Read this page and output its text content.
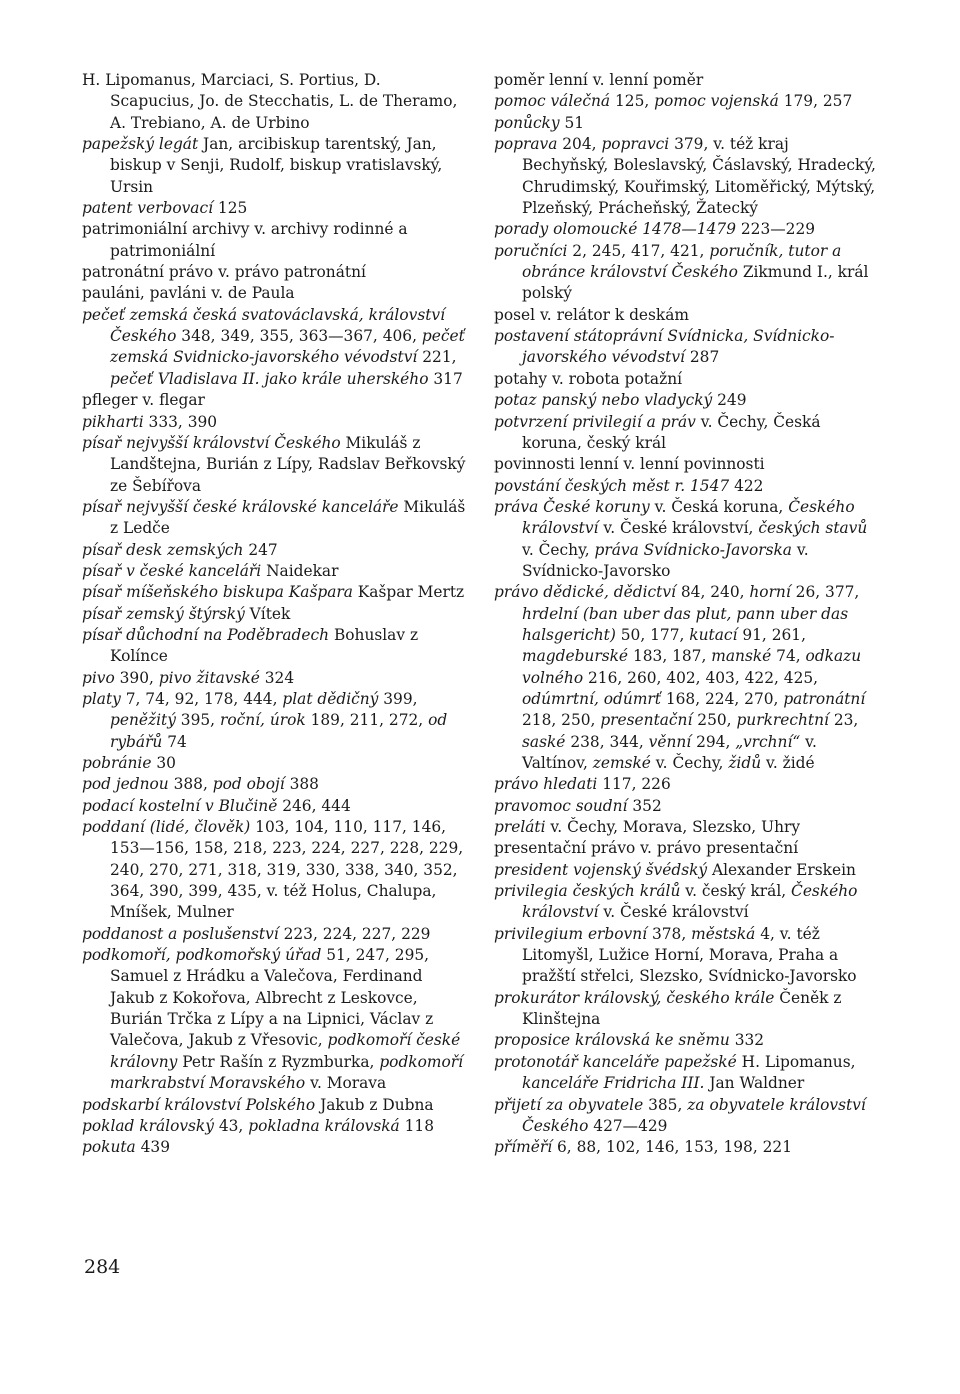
H. Lipomanus, Marciaci, S. Portius, D. Scapucius, Jo. de Stecchatis, L. de Theramo, A. Trebiano, A. de Urbino
papežský legát Jan, arcibiskup tarentský, Jan, biskup v Senji, Rudolf, biskup vratislavský, Ursin
patent verbovací 125
patrimoniální archivy v. archivy rodinné a patrimoniální
patronátní právo v. právo patronátní
pauláni, pavláni v. de Paula
pečeť zemská česká svatováclavská, království Českého 348, 349, 355, 363—367, 406, pečeť zemská Svidnicko-javorského vévodství 221, pečeť Vladislava II. jako krále uherského 317
pfleger v. flegar
pikharti 333, 390
písař nejvyšší království Českého Mikuláš z Landštejna, Burián z Lípy, Radslav Beřkovský ze Šebířova
písař nejvyšší české královské kanceláře Mikuláš z Ledče
písař desk zemských 247
písař v české kanceláři Naidekar
písař míšeňského biskupa Kašpara Kašpar Mertz
písař zemský štýrský Vítek
písař důchodní na Poděbradech Bohuslav z Kolínce
pivo 390, pivo žitavské 324
platy 7, 74, 92, 178, 444, plat dědičný 399, peněžitý 395, roční, úrok 189, 211, 272, od rybářů 74
pobránie 30
pod jednou 388, pod obojí 388
podací kostelní v Blučině 246, 444
poddaní (lidé, člověk) 103, 104, 110, 117, 146, 153—156, 158, 218, 223, 224, 227, 228, 229, 240, 270, 271, 318, 319, 330, 338, 340, 352, 364, 390, 399, 435, v. též Holus, Chalupa, Mníšek, Mulner
poddanost a poslušenství 223, 224, 227, 229
podkomoří, podkomořský úřad 51, 247, 295, Samuel z Hrádku a Valečova, Ferdinand Jakub z Kokořova, Albrecht z Leskovce, Burián Trčka z Lípy a na Lipnici, Václav z Valečova, Jakub z Vřesovic, podkomoří české královny Petr Rašín z Ryzmburka, podkomoří markrabství Moravského v. Morava
podskarbí království Polského Jakub z Dubna
poklad královský 43, pokladna královská 118
pokuta 439
poměr lenní v. lenní poměr
pomoc válečná 125, pomoc vojenská 179, 257
ponůcky 51
poprava 204, popravci 379, v. též kraj Bechyňský, Boleslavský, Čáslavský, Hradecký, Chrudimský, Kouřimský, Litoměřický, Mýtský, Plzeňský, Prácheňský, Žatecký
porady olomoucké 1478—1479 223—229
poručníci 2, 245, 417, 421, poručník, tutor a obránce království Českého Zikmund I., král polský
posel v. relátor k deskám
postavení státoprávní Svídnicka, Svídnicko-javorského vévodství 287
potahy v. robota potažní
potaz panský nebo vladycký 249
potvrzení privilegií a práv v. Čechy, Česká koruna, český král
povinnosti lenní v. lenní povinnosti
povstání českých měst r. 1547 422
práva České koruny v. Česká koruna, Českého království v. České království, českých stavů v. Čechy, práva Svídnicko-Javorska v. Svídnicko-Javorsko
právo dědické, dědictví 84, 240, horní 26, 377, hrdelní (ban uber das plut, pann uber das halsgericht) 50, 177, kutací 91, 261, magdeburské 183, 187, manské 74, odkazu volného 216, 260, 402, 403, 422, 425, odúmrtní, odúmrť 168, 224, 270, patronátní 218, 250, presentační 250, purkrechtní 23, saské 238, 344, věnní 294, „vrchní“ v. Valtínov, zemské v. Čechy, židů v. židé
právo hledati 117, 226
pravomoc soudní 352
preláti v. Čechy, Morava, Slezsko, Uhry
presentační právo v. právo presentační
president vojenský švédský Alexander Erskein
privilegia českých králů v. český král, Českého království v. České království
privilegium erbovní 378, městská 4, v. též Litomyšl, Lužice Horní, Morava, Praha a pražští střelci, Slezsko, Svídnicko-Javorsko
prokurátor královský, českého krále Čeněk z Klinštejna
proposice královská ke sněmu 332
protonotář kanceláře papežské H. Lipomanus, kanceláře Fridricha III. Jan Waldner
přijetí za obyvatele 385, za obyvatele království Českého 427—429
příměří 6, 88, 102, 146, 153, 198, 221
284
